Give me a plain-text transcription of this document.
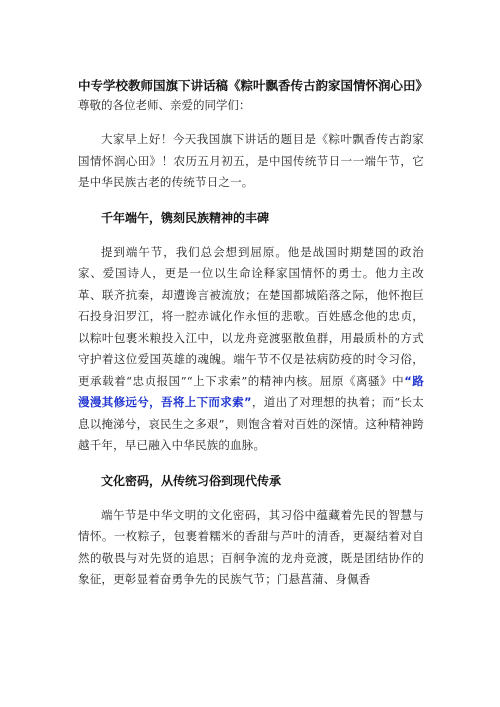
中专学校教师国旗下讲话稿《粽叶飘香传古韵家国情怀润心田》尊敬的各位老师、亲爱的同学们：

大家早上好！今天我国旗下讲话的题目是《粽叶飘香传古韵家国情怀润心田》！农历五月初五，是中国传统节日一一端午节，它是中华民族古老的传统节日之一。

千年端午，镌刻民族精神的丰碑

提到端午节，我们总会想到屈原。他是战国时期楚国的政治家、爱国诗人，更是一位以生命诠释家国情怀的勇士。他力主改革、联齐抗秦，却遭谗言被流放；在楚国都城陷落之际，他怀抱巨石投身汨罗江，将一腔赤诚化作永恒的悲歌。百姓感念他的忠贞，以粽叶包裹米粮投入江中，以龙舟竞渡驱散鱼群，用最质朴的方式守护着这位爱国英雄的魂魄。端午节不仅是祛病防疫的时令习俗，更承载着“忠贞报国”“上下求索”的精神内核。屈原《离骚》中“路漫漫其修远兮，吾将上下而求索”，道出了对理想的执着；而“长太息以掩涕兮，哀民生之多艰”，则饱含着对百姓的深情。这种精神跨越千年，早已融入中华民族的血脉。

文化密码，从传统习俗到现代传承

端午节是中华文明的文化密码，其习俗中蕴藏着先民的智慧与情怀。一枚粽子，包裹着糯米的香甜与芦叶的清香，更凝结着对自然的敬畏与对先贤的追思；百舸争流的龙舟竞渡，既是团结协作的象征，更彰显着奋勇争先的民族气节；门悬菖蒲、身佩香
